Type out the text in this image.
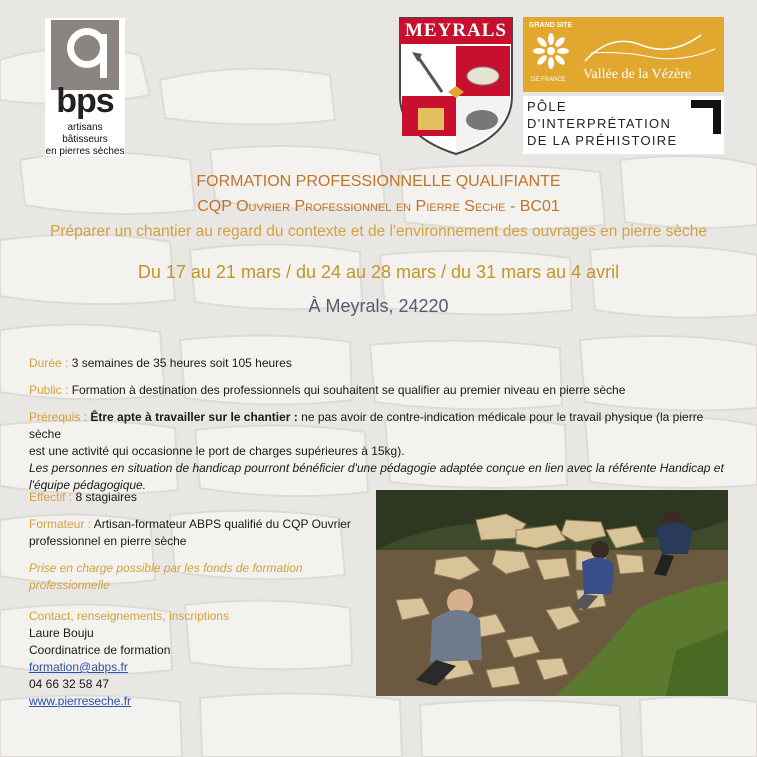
bps
artisans bâtisseurs
en pierres sèches
MEYRALS	GRAND SITE
DE FRANCE Vallée de la Vézère
PÔLE
D'INTERPRÉTATION
DE LA PRÉHISTOIRE

FORMATION PROFESSIONNELLE QUALIFIANTE

CQP Ouvrier Professionnel en Pierre Seche - BC01

Préparer un chantier au regard du contexte et de l'environnement des ouvrages en pierre sèche

Du 17 au 21 mars / du 24 au 28 mars / du 31 mars au 4 avril

À Meyrals, 24220

Durée : 3 semaines de 35 heures soit 105 heures

Public : Formation à destination des professionnels qui souhaitent se qualifier au premier niveau en pierre sèche

Prérequis : Être apte à travailler sur le chantier : ne pas avoir de contre-indication médicale pour le travail physique (la pierre sèche
est une activité qui occasionne le port de charges supérieures à 15kg).
Les personnes en situation de handicap pourront bénéficier d'une pédagogie adaptée conçue en lien avec la référente Handicap et
l'équipe pédagogique.

Effectif : 8 stagiaires

Formateur : Artisan-formateur ABPS qualifié du CQP Ouvrier
professionnel en pierre sèche

Prise en charge possible par les fonds de formation
professionnelle

Contact, renseignements, inscriptions
Laure Bouju
Coordinatrice de formation
formation@abps.fr
04 66 32 58 47
www.pierreseche.fr
